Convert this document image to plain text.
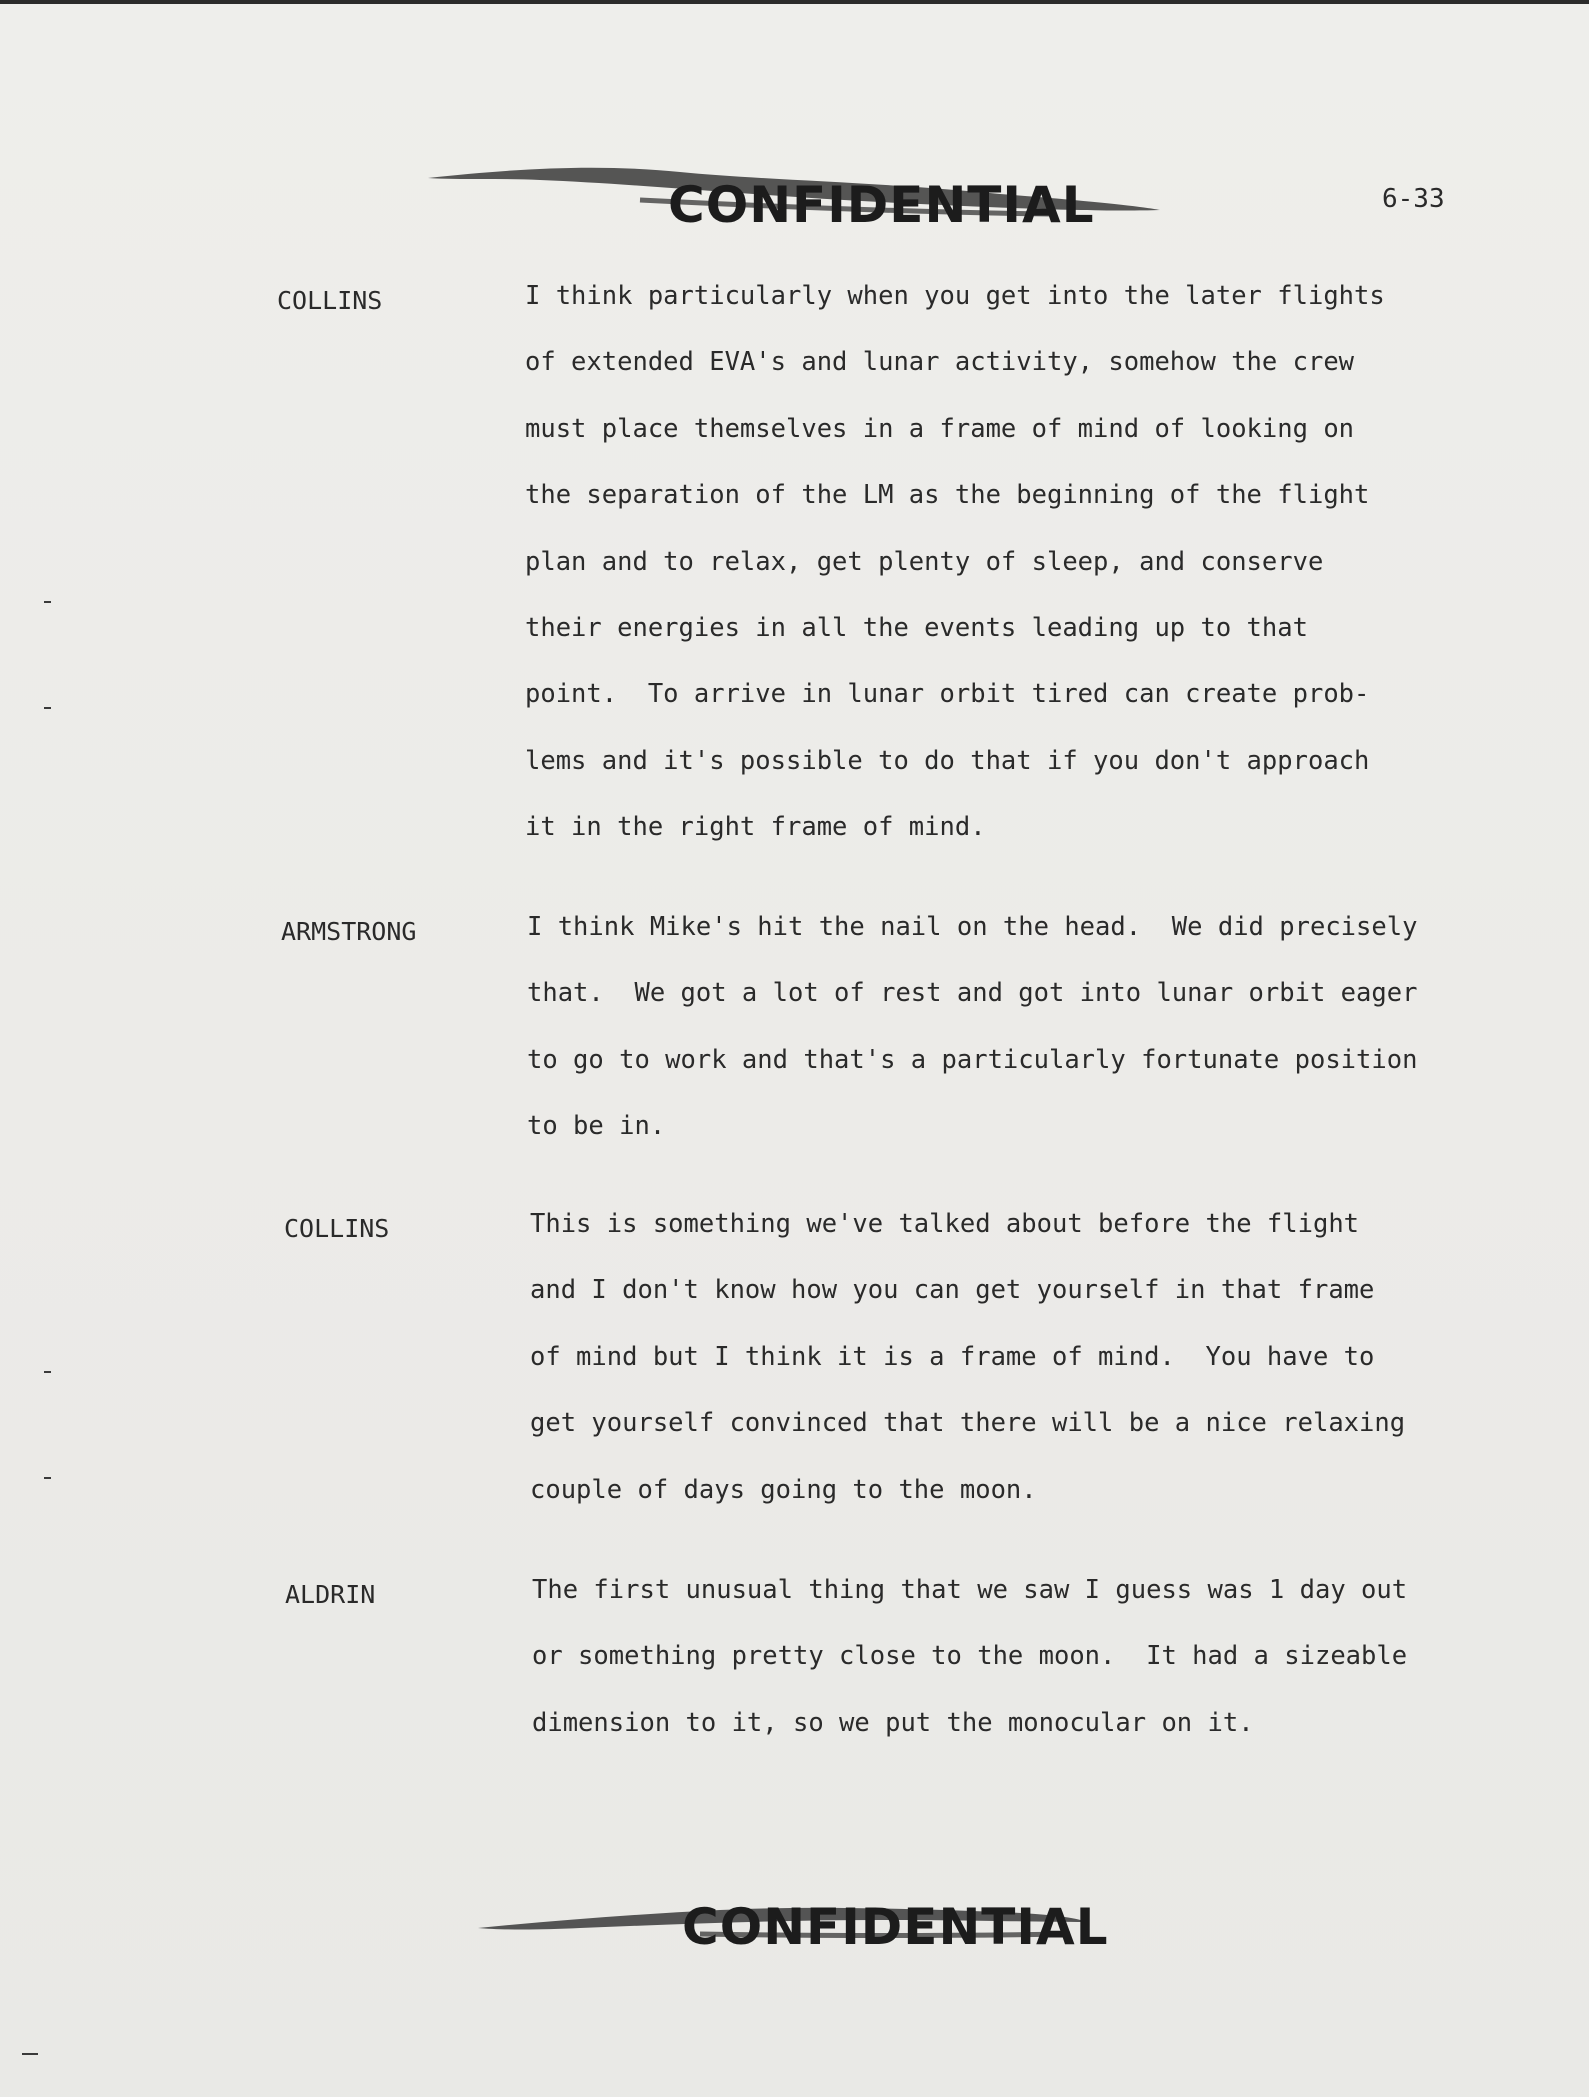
CONFIDENTIAL	6-33
COLLINS	I think particularly when you get into the later flights
of extended EVA's and lunar activity, somehow the crew
must place themselves in a frame of mind of looking on
the separation of the LM as the beginning of the flight
plan and to relax, get plenty of sleep, and conserve
their energies in all the events leading up to that
point.  To arrive in lunar orbit tired can create prob-
lems and it's possible to do that if you don't approach
it in the right frame of mind.
ARMSTRONG	I think Mike's hit the nail on the head.  We did precisely
that.  We got a lot of rest and got into lunar orbit eager
to go to work and that's a particularly fortunate position
to be in.
COLLINS	This is something we've talked about before the flight
and I don't know how you can get yourself in that frame
of mind but I think it is a frame of mind.  You have to
get yourself convinced that there will be a nice relaxing
couple of days going to the moon.
ALDRIN	The first unusual thing that we saw I guess was 1 day out
or something pretty close to the moon.  It had a sizeable
dimension to it, so we put the monocular on it.
CONFIDENTIAL
